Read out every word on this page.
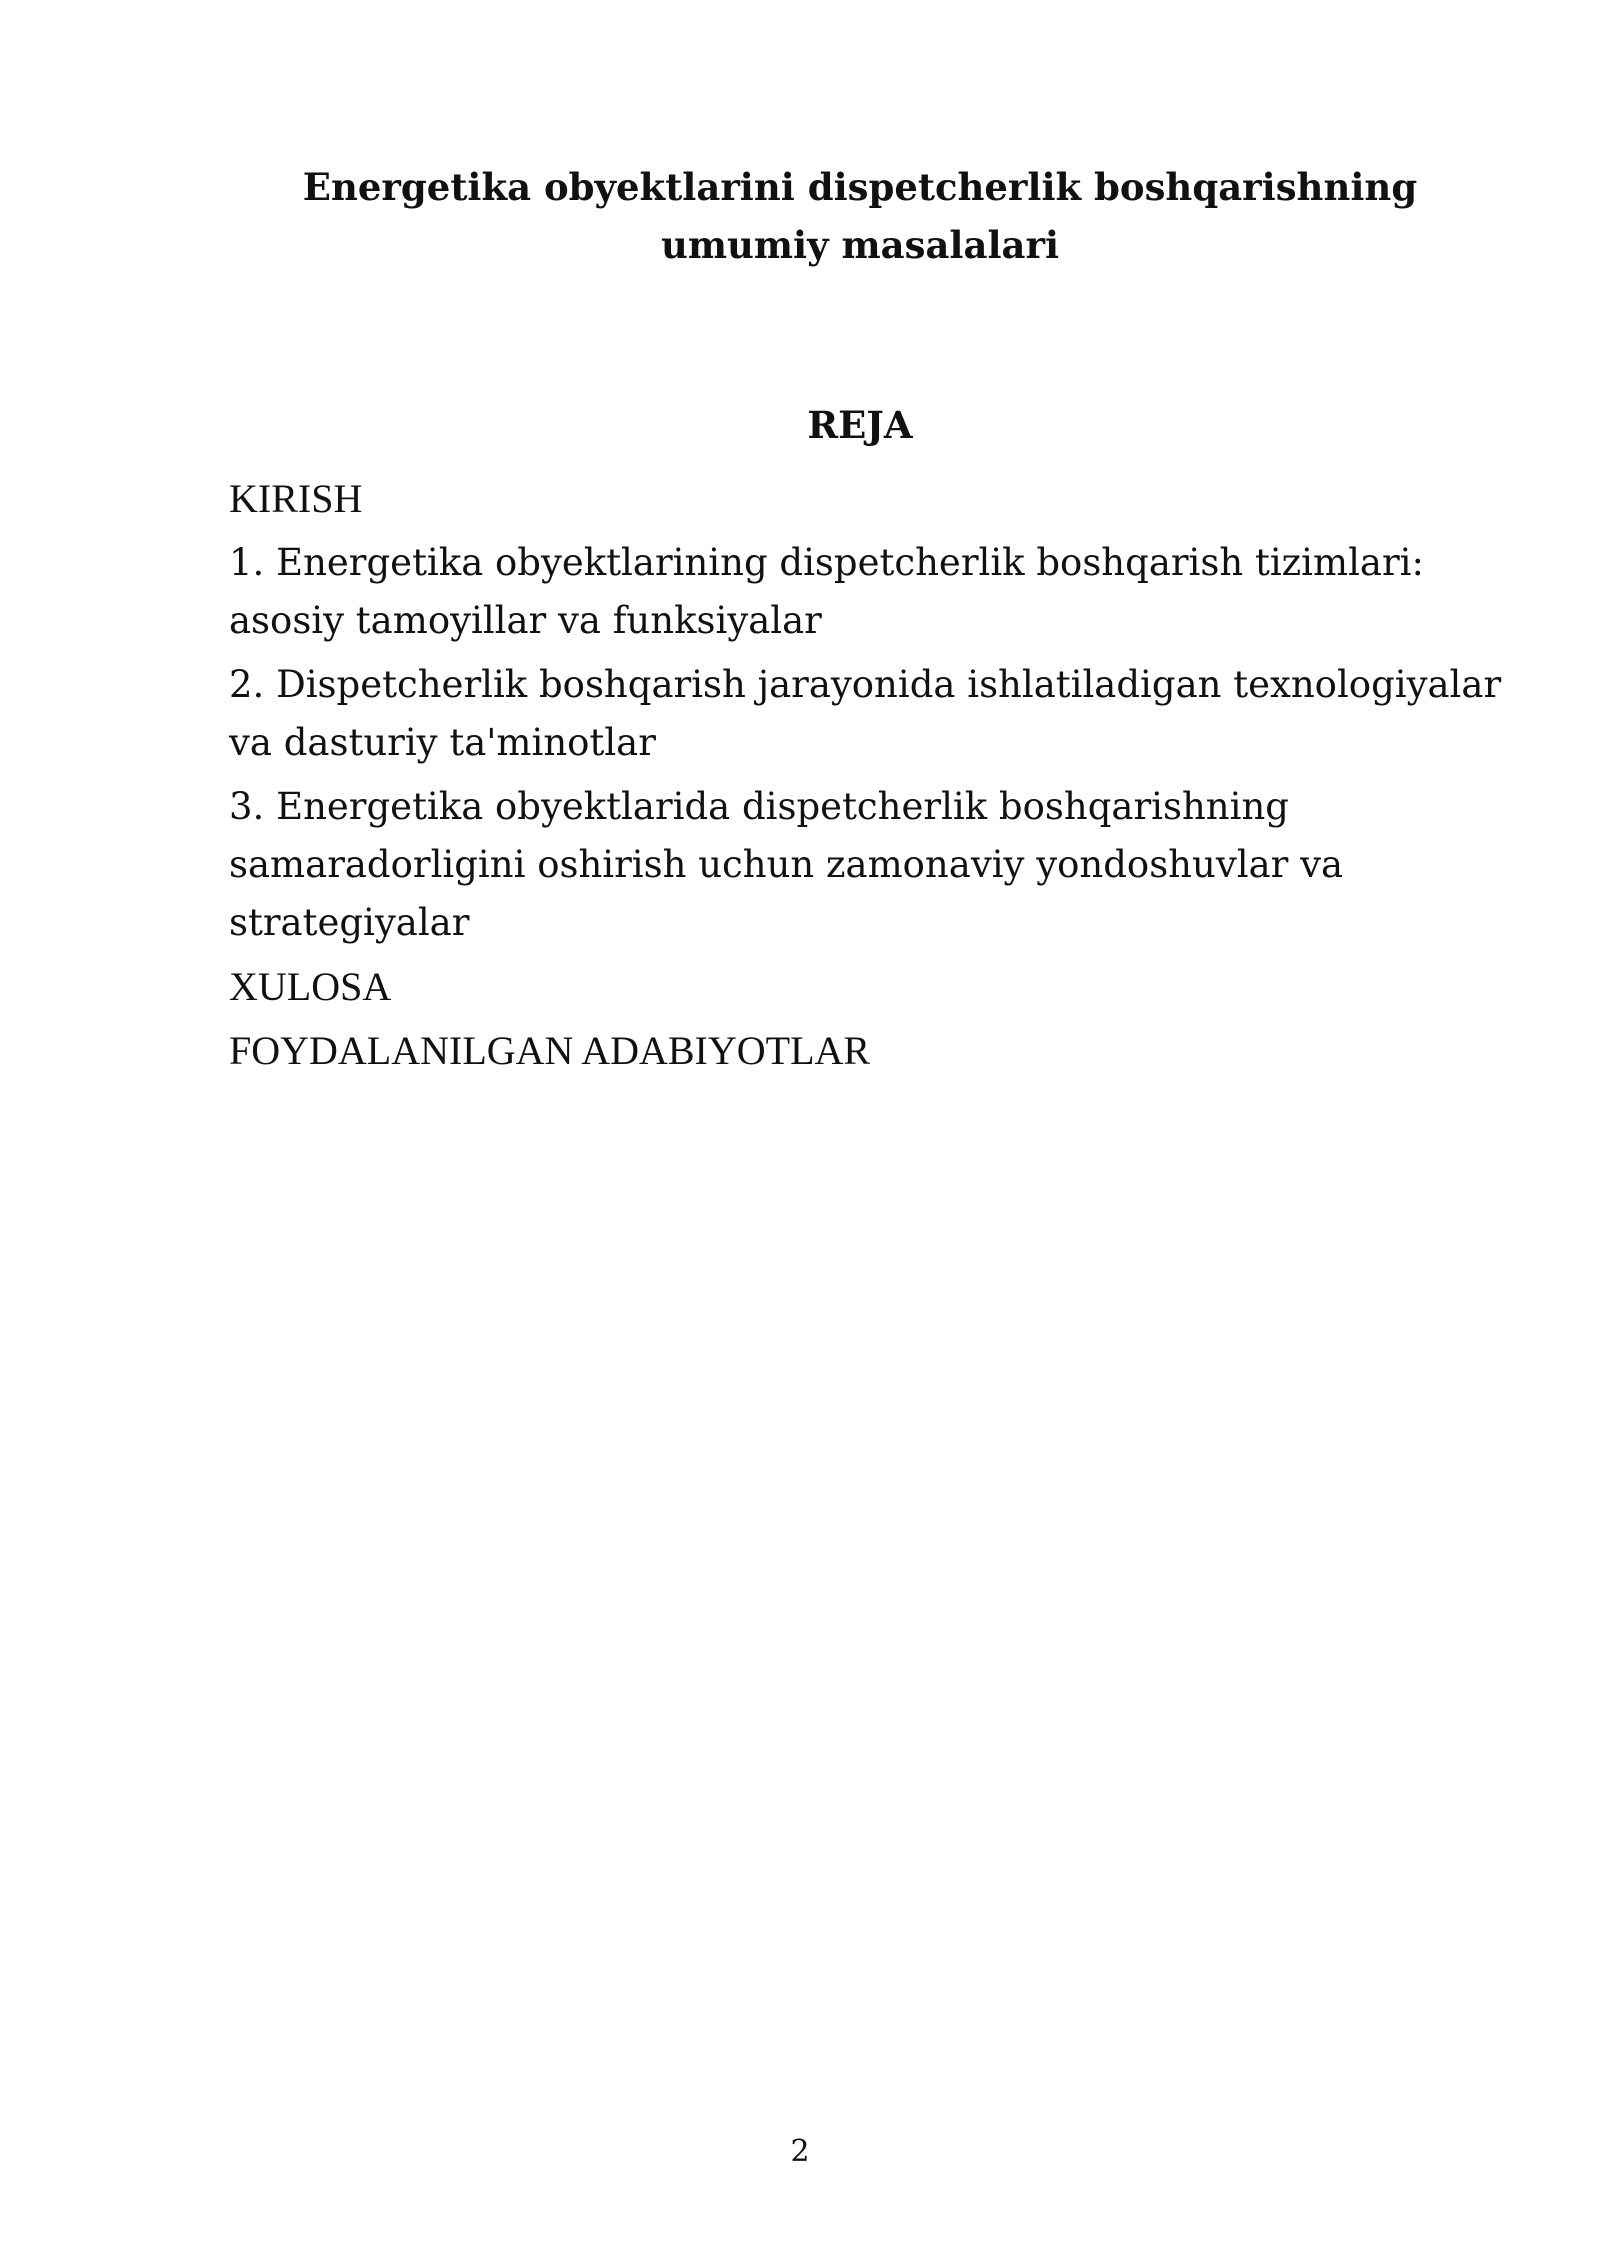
Energetika obyektlarini dispetcherlik boshqarishning umumiy masalalari
REJA
KIRISH
1. Energetika obyektlarining dispetcherlik boshqarish tizimlari: asosiy tamoyillar va funksiyalar
2. Dispetcherlik boshqarish jarayonida ishlatiladigan texnologiyalar va dasturiy ta'minotlar
3. Energetika obyektlarida dispetcherlik boshqarishning samaradorligini oshirish uchun zamonaviy yondoshuvlar va strategiyalar
XULOSA
FOYDALANILGAN ADABIYOTLAR
2
